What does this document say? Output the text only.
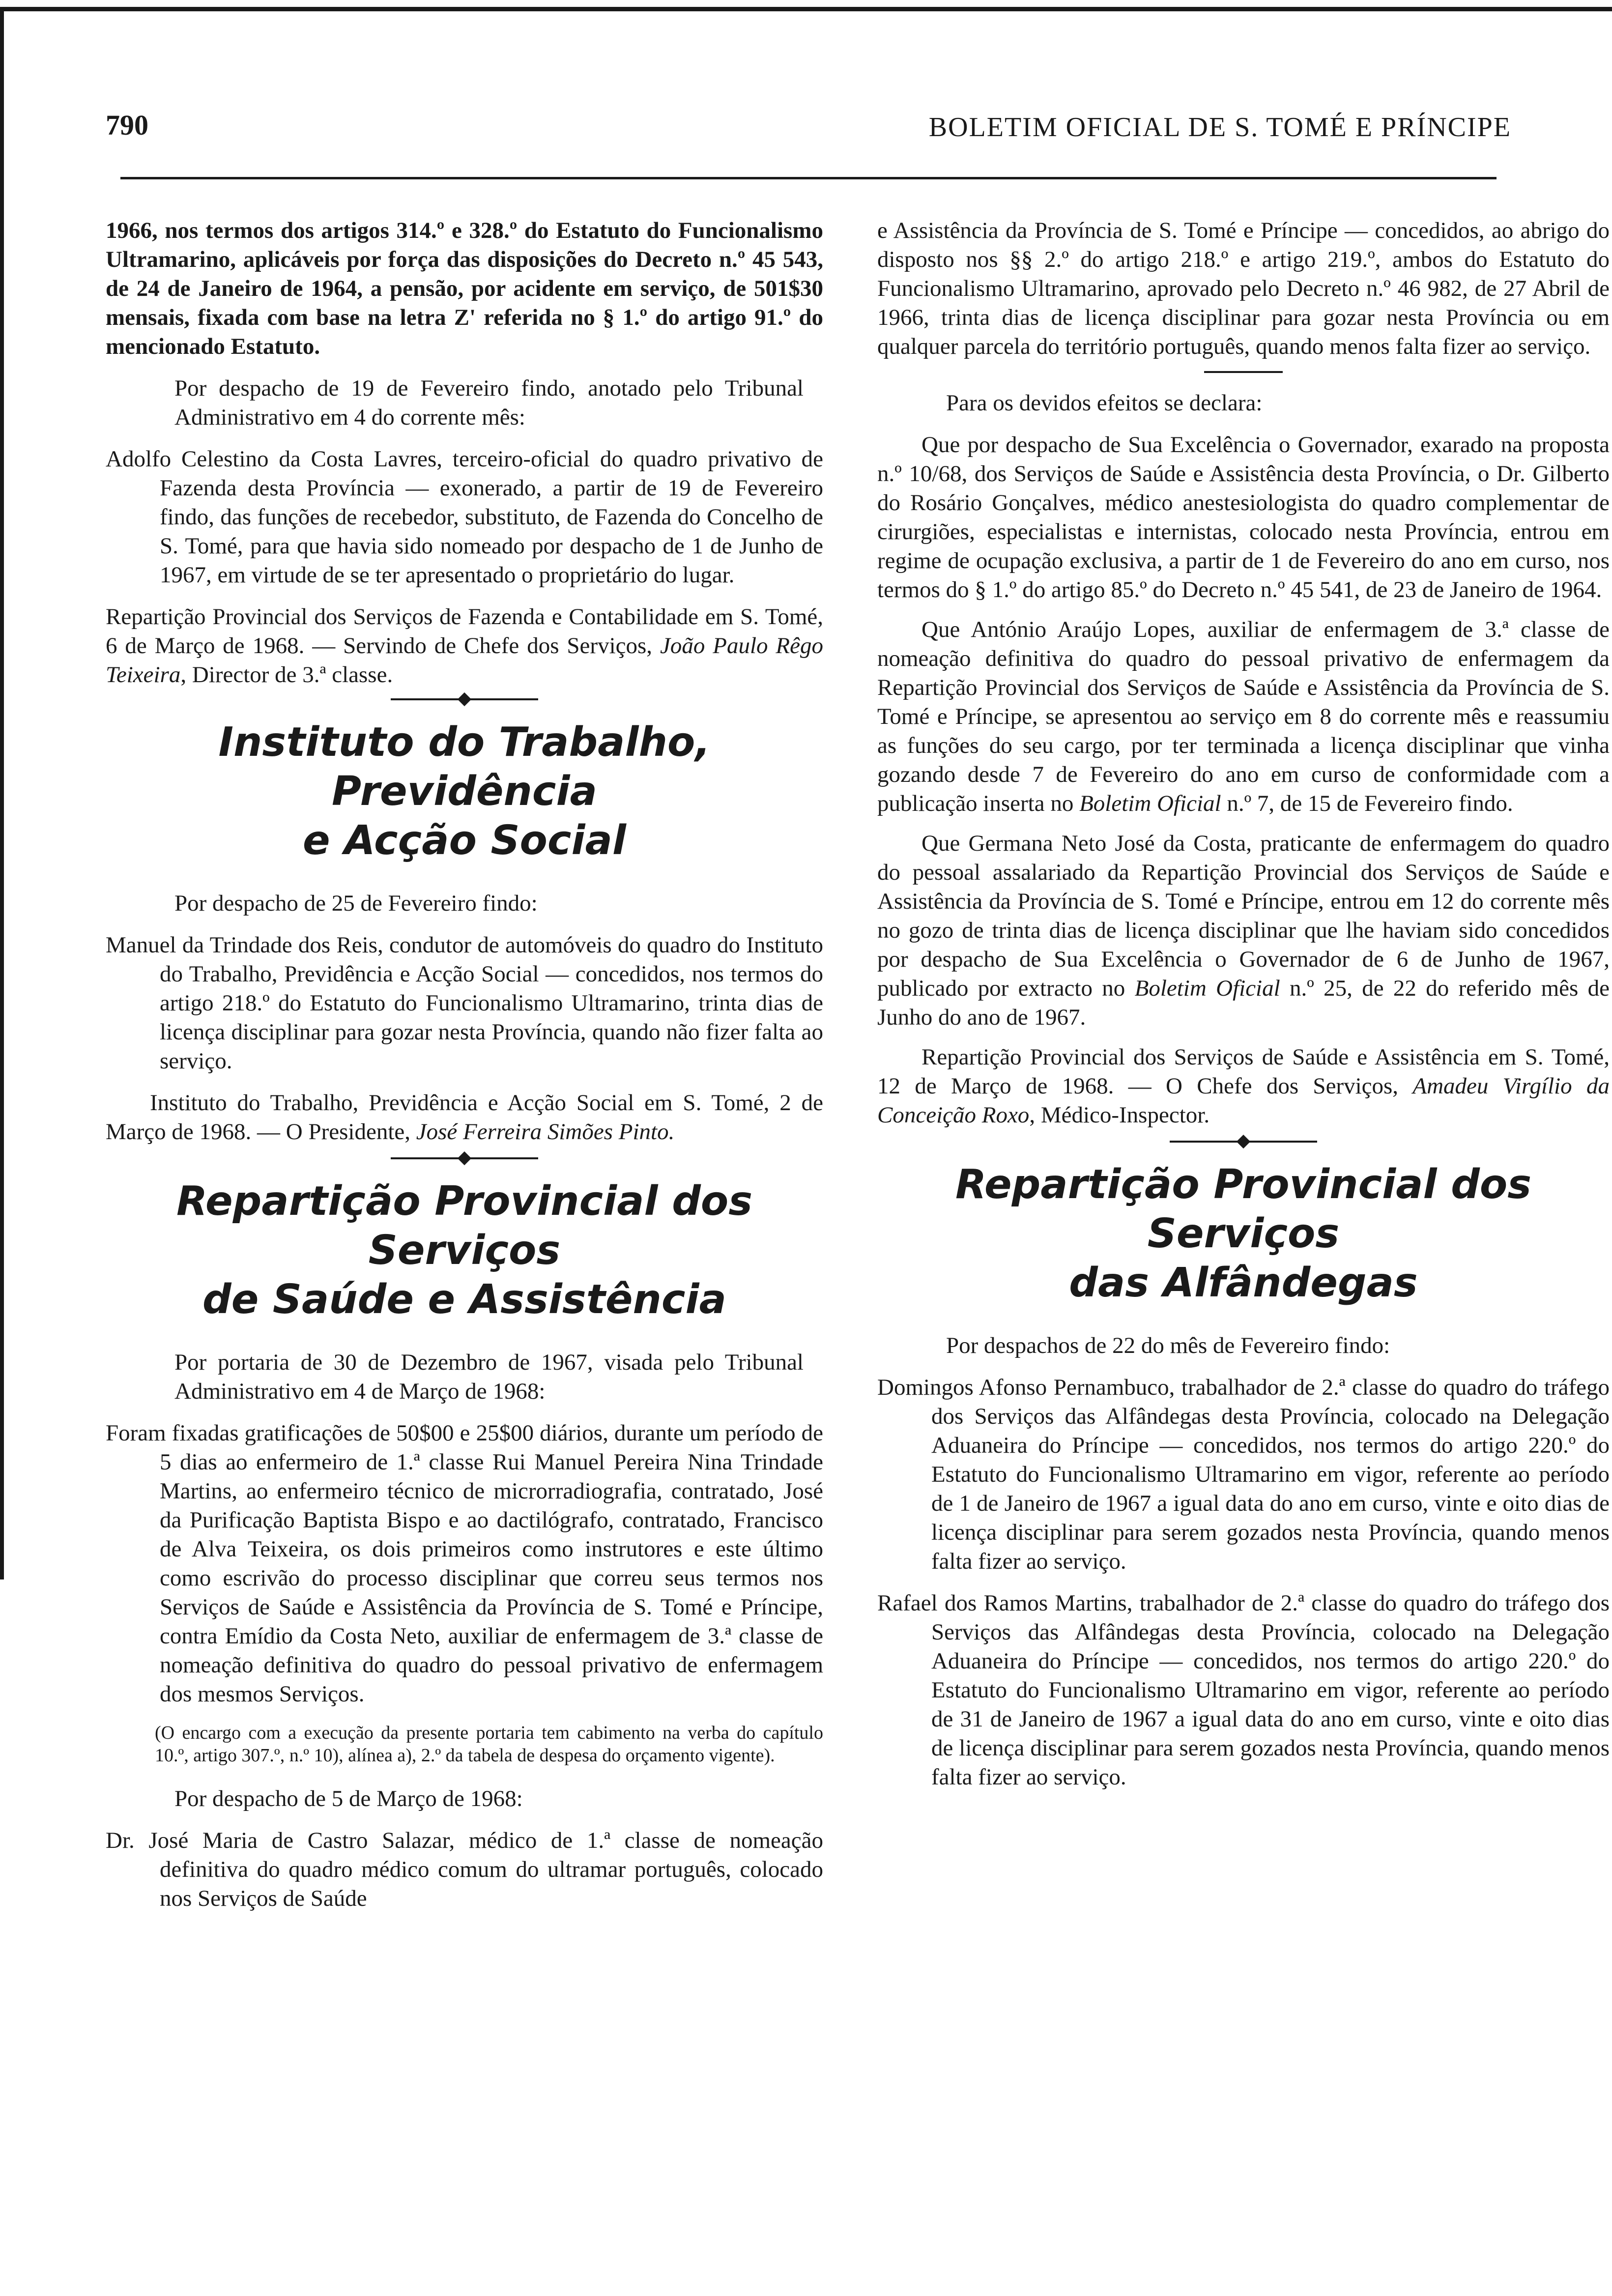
790	BOLETIM OFICIAL DE S. TOMÉ E PRÍNCIPE

1966, nos termos dos artigos 314.º e 328.º do Estatuto do Funcionalismo Ultramarino, aplicáveis por força das disposições do Decreto n.º 45 543, de 24 de Janeiro de 1964, a pensão, por acidente em serviço, de 501$30 mensais, fixada com base na letra Z' referida no § 1.º do artigo 91.º do mencionado Estatuto.

Por despacho de 19 de Fevereiro findo, anotado pelo Tribunal Administrativo em 4 do corrente mês:

Adolfo Celestino da Costa Lavres, terceiro-oficial do quadro privativo de Fazenda desta Província — exonerado, a partir de 19 de Fevereiro findo, das funções de recebedor, substituto, de Fazenda do Concelho de S. Tomé, para que havia sido nomeado por despacho de 1 de Junho de 1967, em virtude de se ter apresentado o proprietário do lugar.

Repartição Provincial dos Serviços de Fazenda e Contabilidade em S. Tomé, 6 de Março de 1968. — Servindo de Chefe dos Serviços, João Paulo Rêgo Teixeira, Director de 3.ª classe.

Instituto do Trabalho, Previdência
e Acção Social

Por despacho de 25 de Fevereiro findo:

Manuel da Trindade dos Reis, condutor de automóveis do quadro do Instituto do Trabalho, Previdência e Acção Social — concedidos, nos termos do artigo 218.º do Estatuto do Funcionalismo Ultramarino, trinta dias de licença disciplinar para gozar nesta Província, quando não fizer falta ao serviço.

Instituto do Trabalho, Previdência e Acção Social em S. Tomé, 2 de Março de 1968. — O Presidente, José Ferreira Simões Pinto.

Repartição Provincial dos Serviços
de Saúde e Assistência

Por portaria de 30 de Dezembro de 1967, visada pelo Tribunal Administrativo em 4 de Março de 1968:

Foram fixadas gratificações de 50$00 e 25$00 diários, durante um período de 5 dias ao enfermeiro de 1.ª classe Rui Manuel Pereira Nina Trindade Martins, ao enfermeiro técnico de microrradiografia, contratado, José da Purificação Baptista Bispo e ao dactilógrafo, contratado, Francisco de Alva Teixeira, os dois primeiros como instrutores e este último como escrivão do processo disciplinar que correu seus termos nos Serviços de Saúde e Assistência da Província de S. Tomé e Príncipe, contra Emídio da Costa Neto, auxiliar de enfermagem de 3.ª classe de nomeação definitiva do quadro do pessoal privativo de enfermagem dos mesmos Serviços.

(O encargo com a execução da presente portaria tem cabimento na verba do capítulo 10.º, artigo 307.º, n.º 10), alínea a), 2.º da tabela de despesa do orçamento vigente).

Por despacho de 5 de Março de 1968:

Dr. José Maria de Castro Salazar, médico de 1.ª classe de nomeação definitiva do quadro médico comum do ultramar português, colocado nos Serviços de Saúde

e Assistência da Província de S. Tomé e Príncipe — concedidos, ao abrigo do disposto nos §§ 2.º do artigo 218.º e artigo 219.º, ambos do Estatuto do Funcionalismo Ultramarino, aprovado pelo Decreto n.º 46 982, de 27 Abril de 1966, trinta dias de licença disciplinar para gozar nesta Província ou em qualquer parcela do território português, quando menos falta fizer ao serviço.

Para os devidos efeitos se declara:

Que por despacho de Sua Excelência o Governador, exarado na proposta n.º 10/68, dos Serviços de Saúde e Assistência desta Província, o Dr. Gilberto do Rosário Gonçalves, médico anestesiologista do quadro complementar de cirurgiões, especialistas e internistas, colocado nesta Província, entrou em regime de ocupação exclusiva, a partir de 1 de Fevereiro do ano em curso, nos termos do § 1.º do artigo 85.º do Decreto n.º 45 541, de 23 de Janeiro de 1964.

Que António Araújo Lopes, auxiliar de enfermagem de 3.ª classe de nomeação definitiva do quadro do pessoal privativo de enfermagem da Repartição Provincial dos Serviços de Saúde e Assistência da Província de S. Tomé e Príncipe, se apresentou ao serviço em 8 do corrente mês e reassumiu as funções do seu cargo, por ter terminada a licença disciplinar que vinha gozando desde 7 de Fevereiro do ano em curso de conformidade com a publicação inserta no Boletim Oficial n.º 7, de 15 de Fevereiro findo.

Que Germana Neto José da Costa, praticante de enfermagem do quadro do pessoal assalariado da Repartição Provincial dos Serviços de Saúde e Assistência da Província de S. Tomé e Príncipe, entrou em 12 do corrente mês no gozo de trinta dias de licença disciplinar que lhe haviam sido concedidos por despacho de Sua Excelência o Governador de 6 de Junho de 1967, publicado por extracto no Boletim Oficial n.º 25, de 22 do referido mês de Junho do ano de 1967.

Repartição Provincial dos Serviços de Saúde e Assistência em S. Tomé, 12 de Março de 1968. — O Chefe dos Serviços, Amadeu Virgílio da Conceição Roxo, Médico-Inspector.

Repartição Provincial dos Serviços
das Alfândegas

Por despachos de 22 do mês de Fevereiro findo:

Domingos Afonso Pernambuco, trabalhador de 2.ª classe do quadro do tráfego dos Serviços das Alfândegas desta Província, colocado na Delegação Aduaneira do Príncipe — concedidos, nos termos do artigo 220.º do Estatuto do Funcionalismo Ultramarino em vigor, referente ao período de 1 de Janeiro de 1967 a igual data do ano em curso, vinte e oito dias de licença disciplinar para serem gozados nesta Província, quando menos falta fizer ao serviço.

Rafael dos Ramos Martins, trabalhador de 2.ª classe do quadro do tráfego dos Serviços das Alfândegas desta Província, colocado na Delegação Aduaneira do Príncipe — concedidos, nos termos do artigo 220.º do Estatuto do Funcionalismo Ultramarino em vigor, referente ao período de 31 de Janeiro de 1967 a igual data do ano em curso, vinte e oito dias de licença disciplinar para serem gozados nesta Província, quando menos falta fizer ao serviço.
